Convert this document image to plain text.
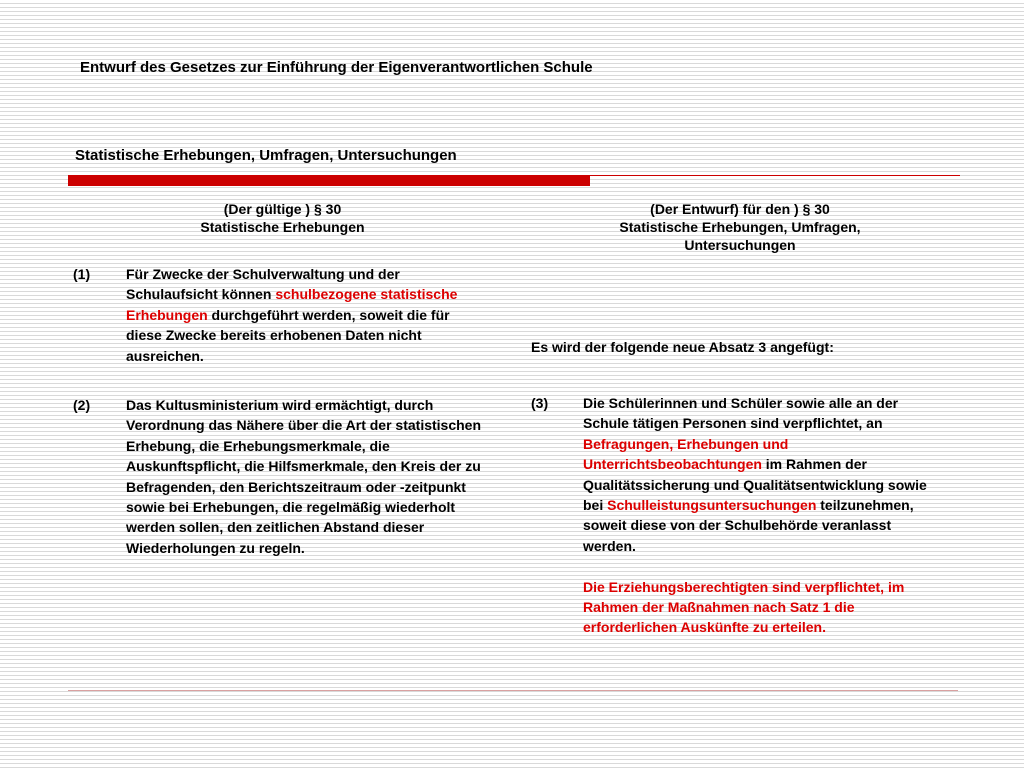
Entwurf des Gesetzes zur Einführung der Eigenverantwortlichen Schule
Statistische Erhebungen, Umfragen, Untersuchungen
(Der gültige ) § 30
Statistische Erhebungen
(Der Entwurf) für den ) § 30
Statistische Erhebungen, Umfragen, Untersuchungen
(1)	Für Zwecke der Schulverwaltung und der Schulaufsicht können schulbezogene statistische Erhebungen durchgeführt werden, soweit die für diese Zwecke bereits erhobenen Daten nicht ausreichen.
(2)	Das Kultusministerium wird ermächtigt, durch Verordnung das Nähere über die Art der statistischen Erhebung, die Erhebungsmerkmale, die Auskunftspflicht, die Hilfsmerkmale, den Kreis der zu Befragenden, den Berichtszeitraum oder -zeitpunkt sowie bei Erhebungen, die regelmäßig wiederholt werden sollen, den zeitlichen Abstand dieser Wiederholungen zu regeln.
Es wird der folgende neue Absatz 3 angefügt:
(3) Die Schülerinnen und Schüler sowie alle an der Schule tätigen Personen sind verpflichtet, an Befragungen, Erhebungen und Unterrichtsbeobachtungen im Rahmen der Qualitätssicherung und Qualitätsentwicklung sowie bei Schulleistungsuntersuchungen teilzunehmen, soweit diese von der Schulbehörde veranlasst werden.
Die Erziehungsberechtigten sind verpflichtet, im Rahmen der Maßnahmen nach Satz 1 die erforderlichen Auskünfte zu erteilen.
